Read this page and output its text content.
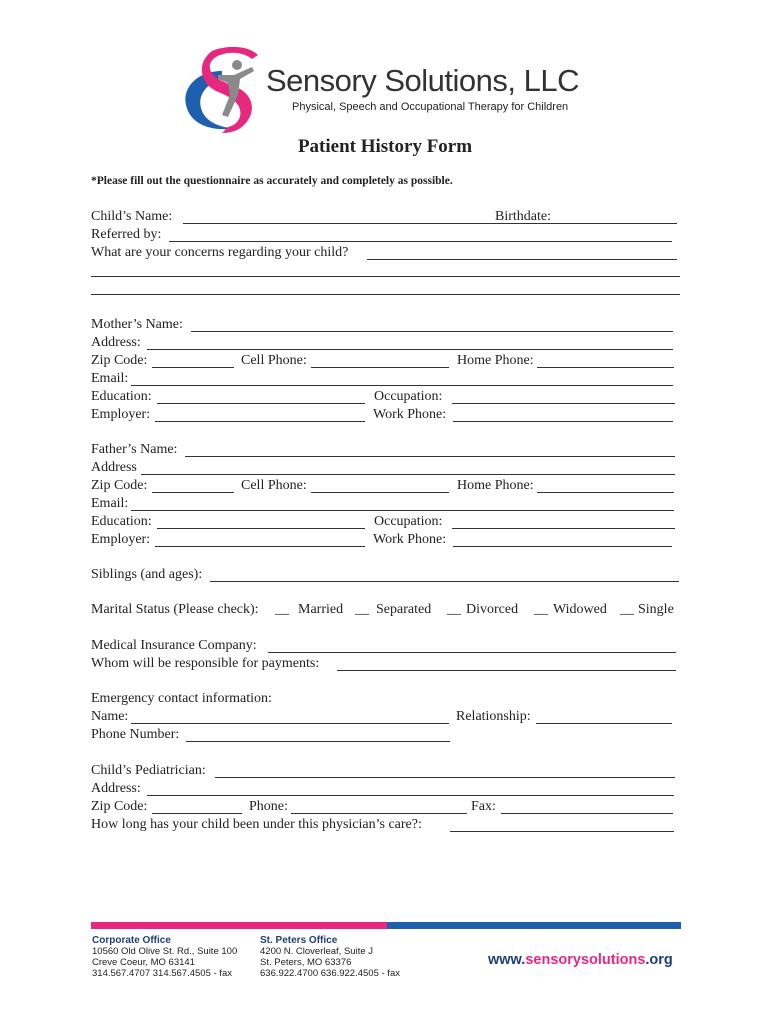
Sensory Solutions, LLC
Physical, Speech and Occupational Therapy for Children
Patient History Form
*Please fill out the questionnaire as accurately and completely as possible.
Child’s Name:	Birthdate:
Referred by:
What are your concerns regarding your child?
Mother’s Name:
Address:
Zip Code:	Cell Phone:	Home Phone:
Email:
Education:	Occupation:
Employer:	Work Phone:
Father’s Name:
Address
Zip Code:	Cell Phone:	Home Phone:
Email:
Education:	Occupation:
Employer:	Work Phone:
Siblings (and ages):
Marital Status (Please check): __ Married __ Separated __ Divorced __ Widowed __ Single
Medical Insurance Company:
Whom will be responsible for payments:
Emergency contact information:
Name:	Relationship:
Phone Number:
Child’s Pediatrician:
Address:
Zip Code:	Phone:	Fax:
How long has your child been under this physician’s care?:
Corporate Office
10560 Old Olive St. Rd., Suite 100
Creve Coeur, MO 63141
314.567.4707 314.567.4505 - fax
St. Peters Office
4200 N. Cloverleaf, Suite J
St. Peters, MO 63376
636.922.4700 636.922.4505 - fax
www.sensorysolutions.org
